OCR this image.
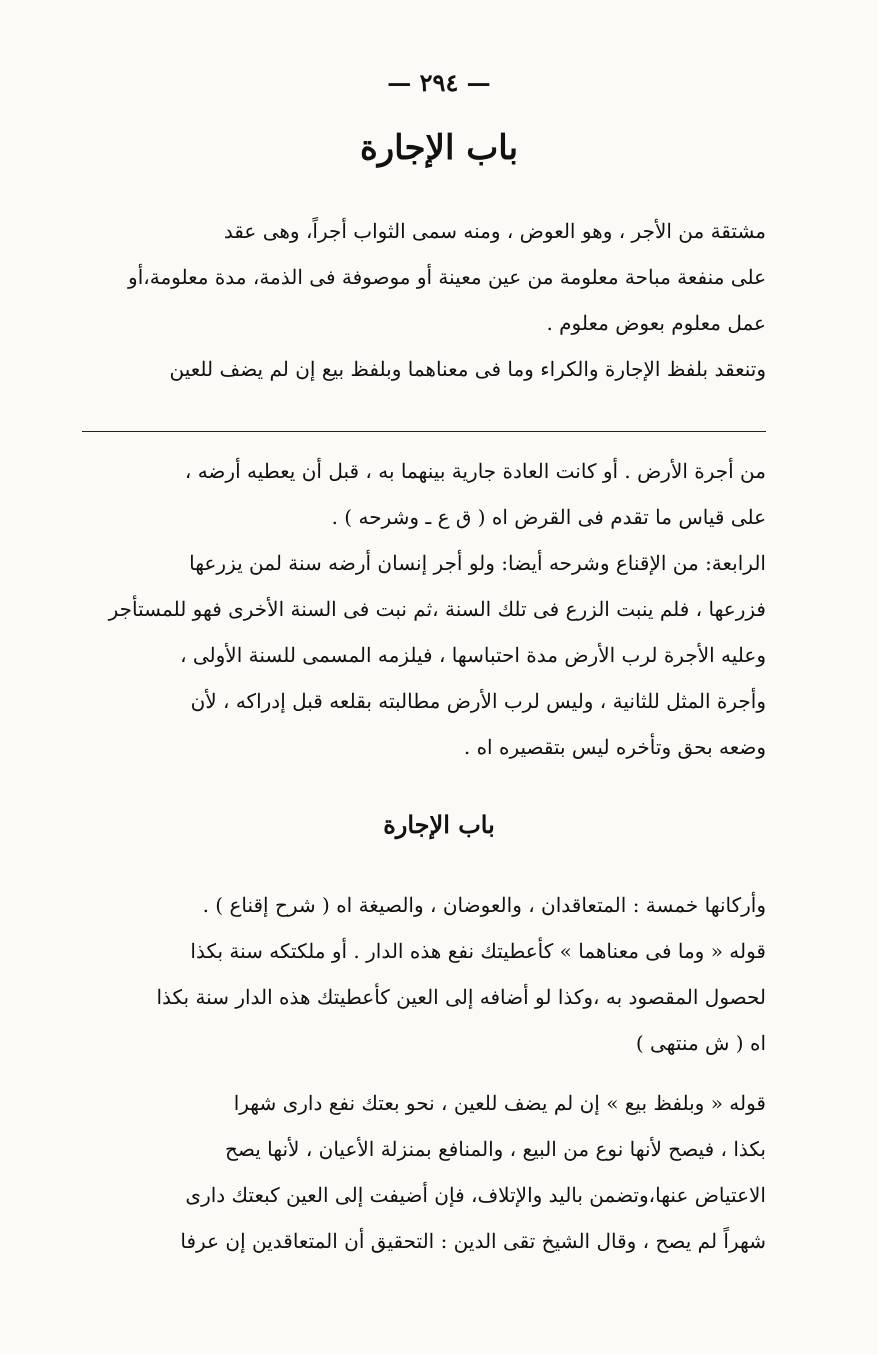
— ٢٩٤ —
باب الإجارة

مشتقة من الأجر ، وهو العوض ، ومنه سمى الثواب أجراً، وهى عقد
على منفعة مباحة معلومة من عين معينة أو موصوفة فى الذمة، مدة معلومة،أو
عمل معلوم بعوض معلوم .
وتنعقد بلفظ الإجارة والكراء وما فى معناهما وبلفظ بيع إن لم يضف للعين

من أجرة الأرض . أو كانت العادة جارية بينهما به ، قبل أن يعطيه أرضه ،
على قياس ما تقدم فى القرض اه ( ق ع ـ وشرحه ) .
الرابعة: من الإقناع وشرحه أيضا: ولو أجر إنسان أرضه سنة لمن يزرعها
فزرعها ، فلم ينبت الزرع فى تلك السنة ،ثم نبت فى السنة الأخرى فهو للمستأجر
وعليه الأجرة لرب الأرض مدة احتباسها ، فيلزمه المسمى للسنة الأولى ،
وأجرة المثل للثانية ، وليس لرب الأرض مطالبته بقلعه قبل إدراكه ، لأن
وضعه بحق وتأخره ليس بتقصيره اه .

باب الإجارة

وأركانها خمسة : المتعاقدان ، والعوضان ، والصيغة اه ( شرح إقناع ) .
قوله « وما فى معناهما » كأعطيتك نفع هذه الدار . أو ملكتكه سنة بكذا
لحصول المقصود به ،وكذا لو أضافه إلى العين كأعطيتك هذه الدار سنة بكذا
اه ( ش منتهى )

قوله « وبلفظ بيع » إن لم يضف للعين ، نحو بعتك نفع دارى شهرا
بكذا ، فيصح لأنها نوع من البيع ، والمنافع بمنزلة الأعيان ، لأنها يصح
الاعتياض عنها،وتضمن باليد والإتلاف، فإن أضيفت إلى العين كبعتك دارى
شهراً لم يصح ، وقال الشيخ تقى الدين : التحقيق أن المتعاقدين إن عرفا
